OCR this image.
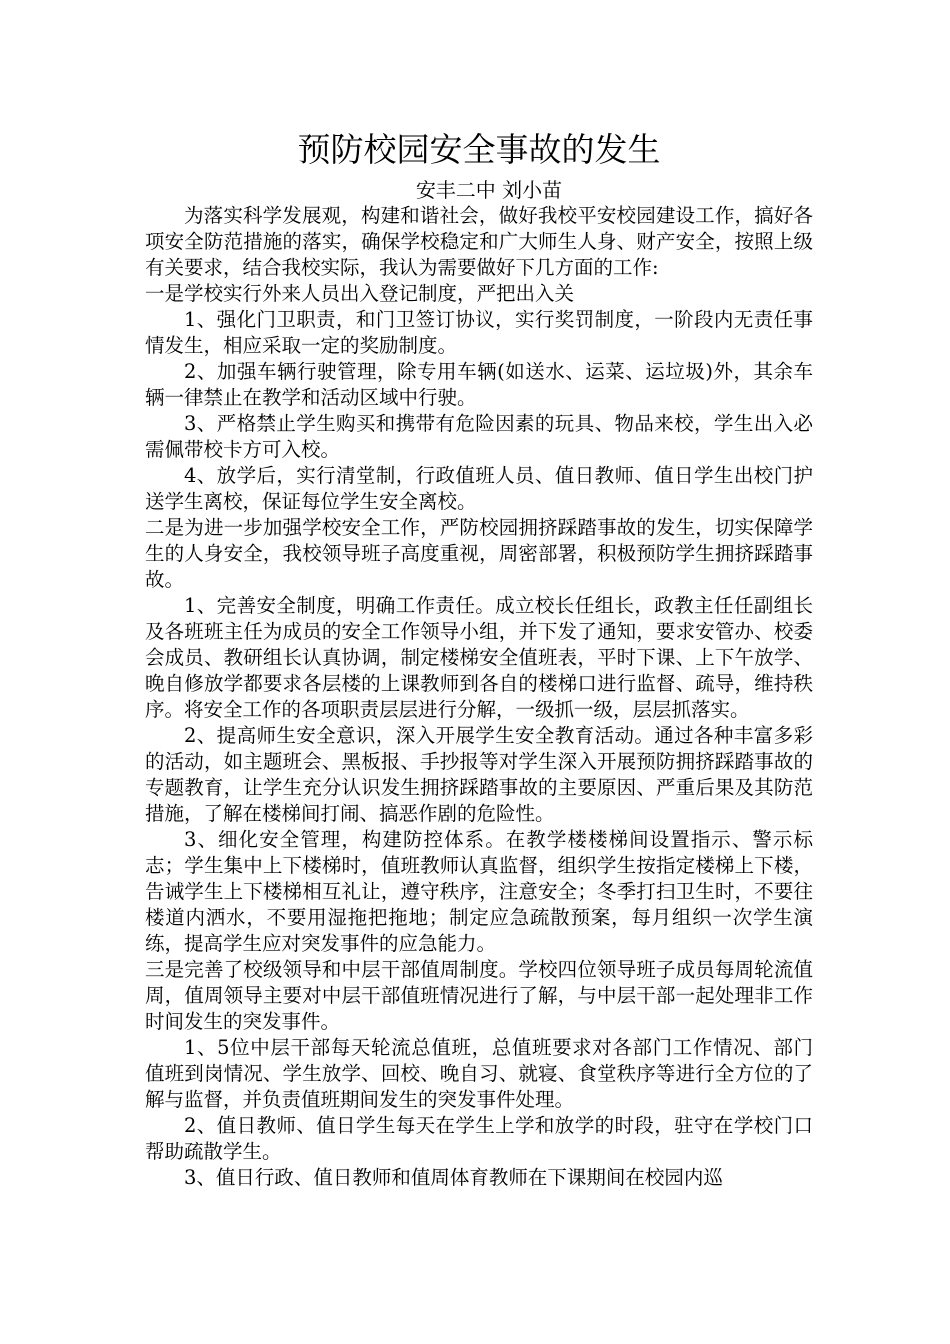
预防校园安全事故的发生

安丰二中 刘小苗

为落实科学发展观，构建和谐社会，做好我校平安校园建设工作，搞好各项安全防范措施的落实，确保学校稳定和广大师生人身、财产安全，按照上级有关要求，结合我校实际，我认为需要做好下几方面的工作:

一是学校实行外来人员出入登记制度，严把出入关

1、强化门卫职责，和门卫签订协议，实行奖罚制度，一阶段内无责任事情发生，相应采取一定的奖励制度。

2、加强车辆行驶管理，除专用车辆(如送水、运菜、运垃圾)外，其余车辆一律禁止在教学和活动区域中行驶。

3、严格禁止学生购买和携带有危险因素的玩具、物品来校，学生出入必需佩带校卡方可入校。

4、放学后，实行清堂制，行政值班人员、值日教师、值日学生出校门护送学生离校，保证每位学生安全离校。

二是为进一步加强学校安全工作，严防校园拥挤踩踏事故的发生，切实保障学生的人身安全，我校领导班子高度重视，周密部署，积极预防学生拥挤踩踏事故。

1、完善安全制度，明确工作责任。成立校长任组长，政教主任任副组长及各班班主任为成员的安全工作领导小组，并下发了通知，要求安管办、校委会成员、教研组长认真协调，制定楼梯安全值班表，平时下课、上下午放学、晚自修放学都要求各层楼的上课教师到各自的楼梯口进行监督、疏导，维持秩序。将安全工作的各项职责层层进行分解，一级抓一级，层层抓落实。

2、提高师生安全意识，深入开展学生安全教育活动。通过各种丰富多彩的活动，如主题班会、黑板报、手抄报等对学生深入开展预防拥挤踩踏事故的专题教育，让学生充分认识发生拥挤踩踏事故的主要原因、严重后果及其防范措施，了解在楼梯间打闹、搞恶作剧的危险性。

3、细化安全管理，构建防控体系。在教学楼楼梯间设置指示、警示标志；学生集中上下楼梯时，值班教师认真监督，组织学生按指定楼梯上下楼，告诫学生上下楼梯相互礼让，遵守秩序，注意安全；冬季打扫卫生时，不要往楼道内洒水，不要用湿拖把拖地；制定应急疏散预案，每月组织一次学生演练，提高学生应对突发事件的应急能力。

三是完善了校级领导和中层干部值周制度。学校四位领导班子成员每周轮流值周，值周领导主要对中层干部值班情况进行了解，与中层干部一起处理非工作时间发生的突发事件。

1、5位中层干部每天轮流总值班，总值班要求对各部门工作情况、部门值班到岗情况、学生放学、回校、晚自习、就寝、食堂秩序等进行全方位的了解与监督，并负责值班期间发生的突发事件处理。

2、值日教师、值日学生每天在学生上学和放学的时段，驻守在学校门口帮助疏散学生。

3、值日行政、值日教师和值周体育教师在下课期间在校园内巡
